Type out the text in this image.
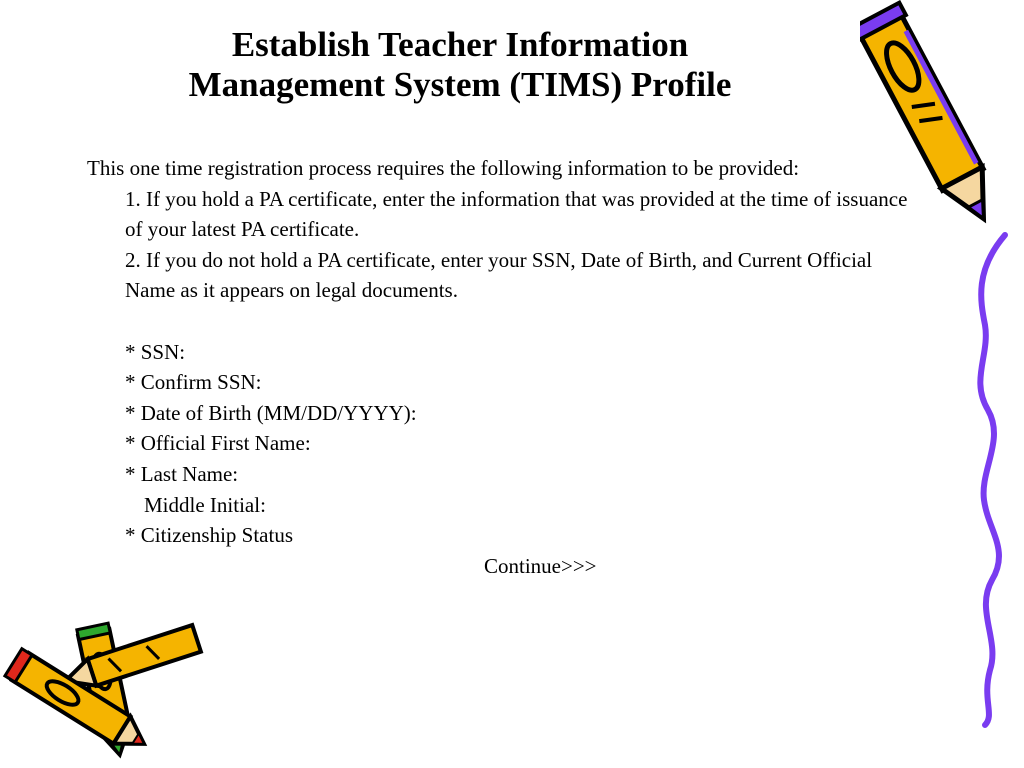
Establish Teacher Information
Management System (TIMS) Profile
This one time registration process requires the following information to be provided:
1. If you hold a PA certificate, enter the information that was provided at the time of issuance of your latest PA certificate.
2. If you do not hold a PA certificate, enter your SSN, Date of Birth, and Current Official Name as it appears on legal documents.
* SSN:
* Confirm SSN:
* Date of Birth (MM/DD/YYYY):
* Official First Name:
* Last Name:
Middle Initial:
* Citizenship Status
Continue>>>
